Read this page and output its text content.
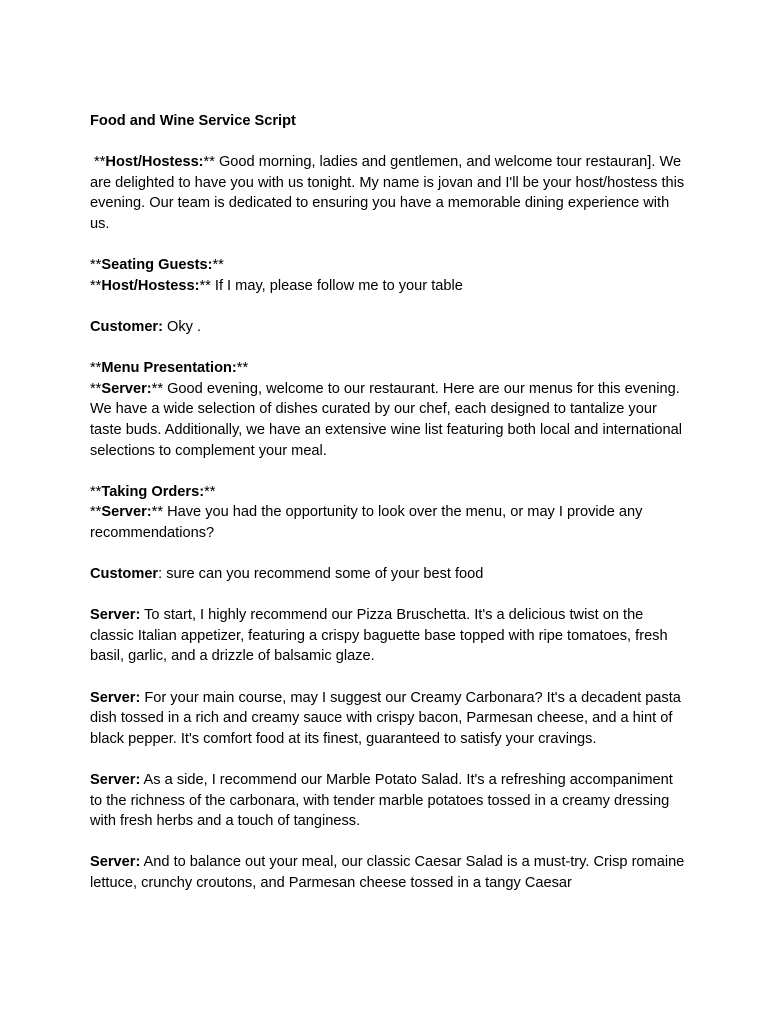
Food and Wine Service Script

**Host/Hostess:** Good morning, ladies and gentlemen, and welcome tour restauran]. We are delighted to have you with us tonight. My name is jovan and I'll be your host/hostess this evening. Our team is dedicated to ensuring you have a memorable dining experience with us.

**Seating Guests:**

**Host/Hostess:** If I may, please follow me to your table

Customer: Oky .

**Menu Presentation:**

**Server:** Good evening, welcome to our restaurant. Here are our menus for this evening. We have a wide selection of dishes curated by our chef, each designed to tantalize your taste buds. Additionally, we have an extensive wine list featuring both local and international selections to complement your meal.

**Taking Orders:**

**Server:** Have you had the opportunity to look over the menu, or may I provide any recommendations?

Customer: sure can you recommend some of your best food

Server: To start, I highly recommend our Pizza Bruschetta. It's a delicious twist on the classic Italian appetizer, featuring a crispy baguette base topped with ripe tomatoes, fresh basil, garlic, and a drizzle of balsamic glaze.

Server: For your main course, may I suggest our Creamy Carbonara? It's a decadent pasta dish tossed in a rich and creamy sauce with crispy bacon, Parmesan cheese, and a hint of black pepper. It's comfort food at its finest, guaranteed to satisfy your cravings.

Server: As a side, I recommend our Marble Potato Salad. It's a refreshing accompaniment to the richness of the carbonara, with tender marble potatoes tossed in a creamy dressing with fresh herbs and a touch of tanginess.

Server: And to balance out your meal, our classic Caesar Salad is a must-try. Crisp romaine lettuce, crunchy croutons, and Parmesan cheese tossed in a tangy Caesar
